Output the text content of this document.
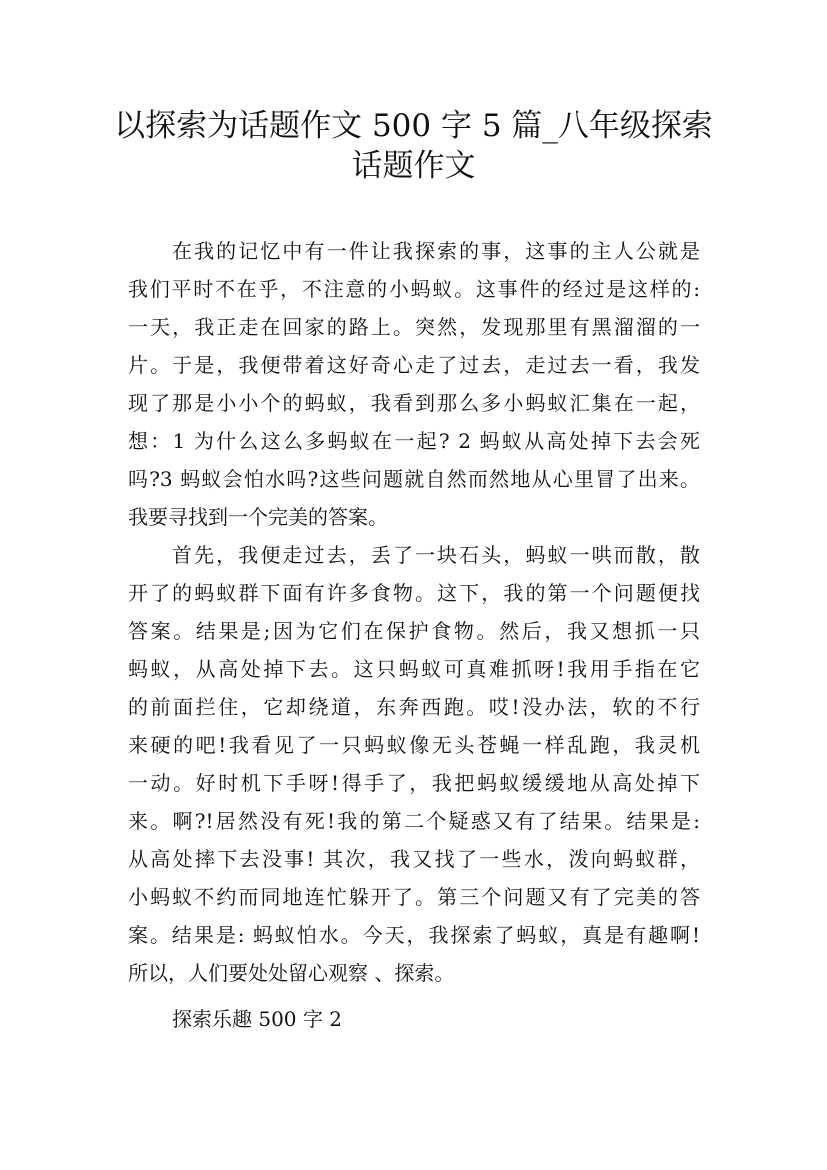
以探索为话题作文 500 字 5 篇_八年级探索
话题作文
在我的记忆中有一件让我探索的事，这事的主人公就是
我们平时不在乎，不注意的小蚂蚁。这事件的经过是这样的:
一天，我正走在回家的路上。突然，发现那里有黑溜溜的一
片。于是，我便带着这好奇心走了过去，走过去一看，我发
现了那是小小个的蚂蚁，我看到那么多小蚂蚁汇集在一起，
想：1 为什么这么多蚂蚁在一起? 2 蚂蚁从高处掉下去会死
吗?3 蚂蚁会怕水吗?这些问题就自然而然地从心里冒了出来。
我要寻找到一个完美的答案。
首先，我便走过去，丢了一块石头，蚂蚁一哄而散，散
开了的蚂蚁群下面有许多食物。这下，我的第一个问题便找
答案。结果是;因为它们在保护食物。然后，我又想抓一只
蚂蚁，从高处掉下去。这只蚂蚁可真难抓呀!我用手指在它
的前面拦住，它却绕道，东奔西跑。哎!没办法，软的不行
来硬的吧!我看见了一只蚂蚁像无头苍蝇一样乱跑，我灵机
一动。好时机下手呀!得手了，我把蚂蚁缓缓地从高处掉下
来。啊?!居然没有死!我的第二个疑惑又有了结果。结果是:
从高处摔下去没事! 其次，我又找了一些水，泼向蚂蚁群，
小蚂蚁不约而同地连忙躲开了。第三个问题又有了完美的答
案。结果是: 蚂蚁怕水。今天，我探索了蚂蚁，真是有趣啊!
所以，人们要处处留心观察 、探索。
探索乐趣 500 字 2
